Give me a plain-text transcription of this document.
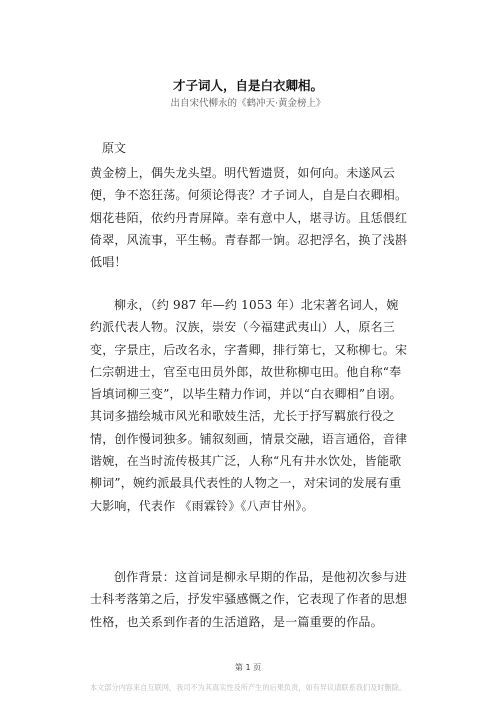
才子词人，自是白衣卿相。
出自宋代柳永的《鹤冲天·黄金榜上》
原文

黄金榜上，偶失龙头望。明代暂遗贤，如何向。未遂风云便，争不恣狂荡。何须论得丧？才子词人，自是白衣卿相。

烟花巷陌，依约丹青屏障。幸有意中人，堪寻访。且恁偎红倚翠，风流事，平生畅。青春都一饷。忍把浮名，换了浅斟低唱！

柳永，（约 987 年—约 1053 年）北宋著名词人，婉约派代表人物。汉族，崇安（今福建武夷山）人，原名三变，字景庄，后改名永，字耆卿，排行第七，又称柳七。宋仁宗朝进士，官至屯田员外郎，故世称柳屯田。他自称“奉旨填词柳三变”，以毕生精力作词，并以“白衣卿相”自诩。其词多描绘城市风光和歌妓生活，尤长于抒写羁旅行役之情，创作慢词独多。铺叙刻画，情景交融，语言通俗，音律谐婉，在当时流传极其广泛，人称“凡有井水饮处，皆能歌柳词”，婉约派最具代表性的人物之一，对宋词的发展有重大影响，代表作 《雨霖铃》《八声甘州》。

创作背景：这首词是柳永早期的作品，是他初次参与进士科考落第之后，抒发牢骚感慨之作，它表现了作者的思想性格，也关系到作者的生活道路，是一篇重要的作品。

第 1 页
本文部分内容来自互联网，我司不为其真实性及所产生的后果负责，如有异议请联系我们及时删除。
